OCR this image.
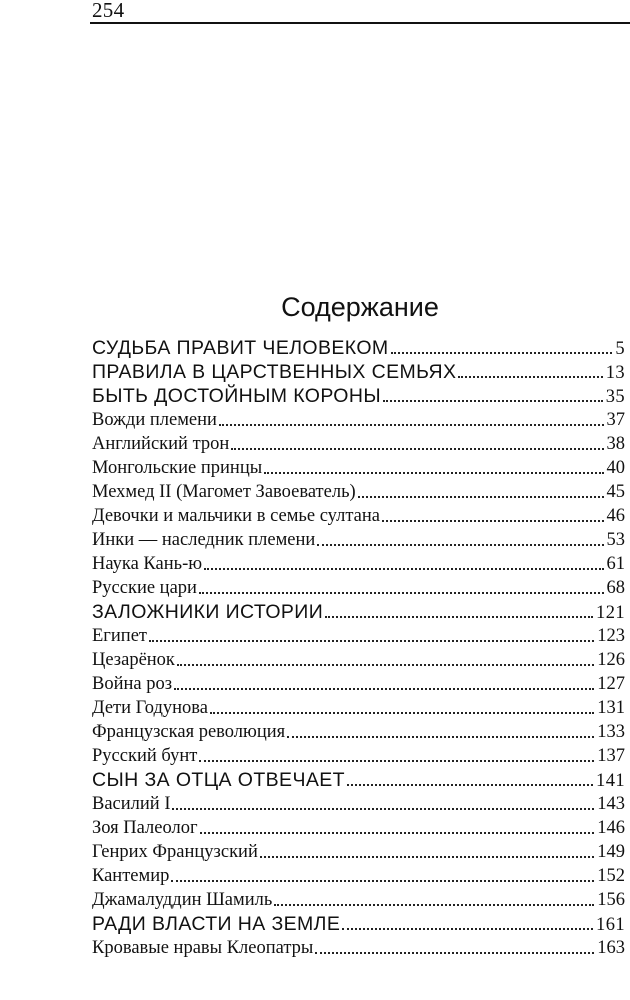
254
Содержание
СУДЬБА ПРАВИТ ЧЕЛОВЕКОМ	5
ПРАВИЛА В ЦАРСТВЕННЫХ СЕМЬЯХ	13
БЫТЬ ДОСТОЙНЫМ КОРОНЫ	35
Вожди племени	37
Английский трон	38
Монгольские принцы	40
Мехмед II (Магомет Завоеватель)	45
Девочки и мальчики в семье султана	46
Инки — наследник племени	53
Наука Кань-ю	61
Русские цари	68
ЗАЛОЖНИКИ ИСТОРИИ	121
Египет	123
Цезарёнок	126
Война роз	127
Дети Годунова	131
Французская революция	133
Русский бунт	137
СЫН ЗА ОТЦА ОТВЕЧАЕТ	141
Василий I	143
Зоя Палеолог	146
Генрих Французский	149
Кантемир	152
Джамалуддин Шамиль	156
РАДИ ВЛАСТИ НА ЗЕМЛЕ	161
Кровавые нравы Клеопатры	163
